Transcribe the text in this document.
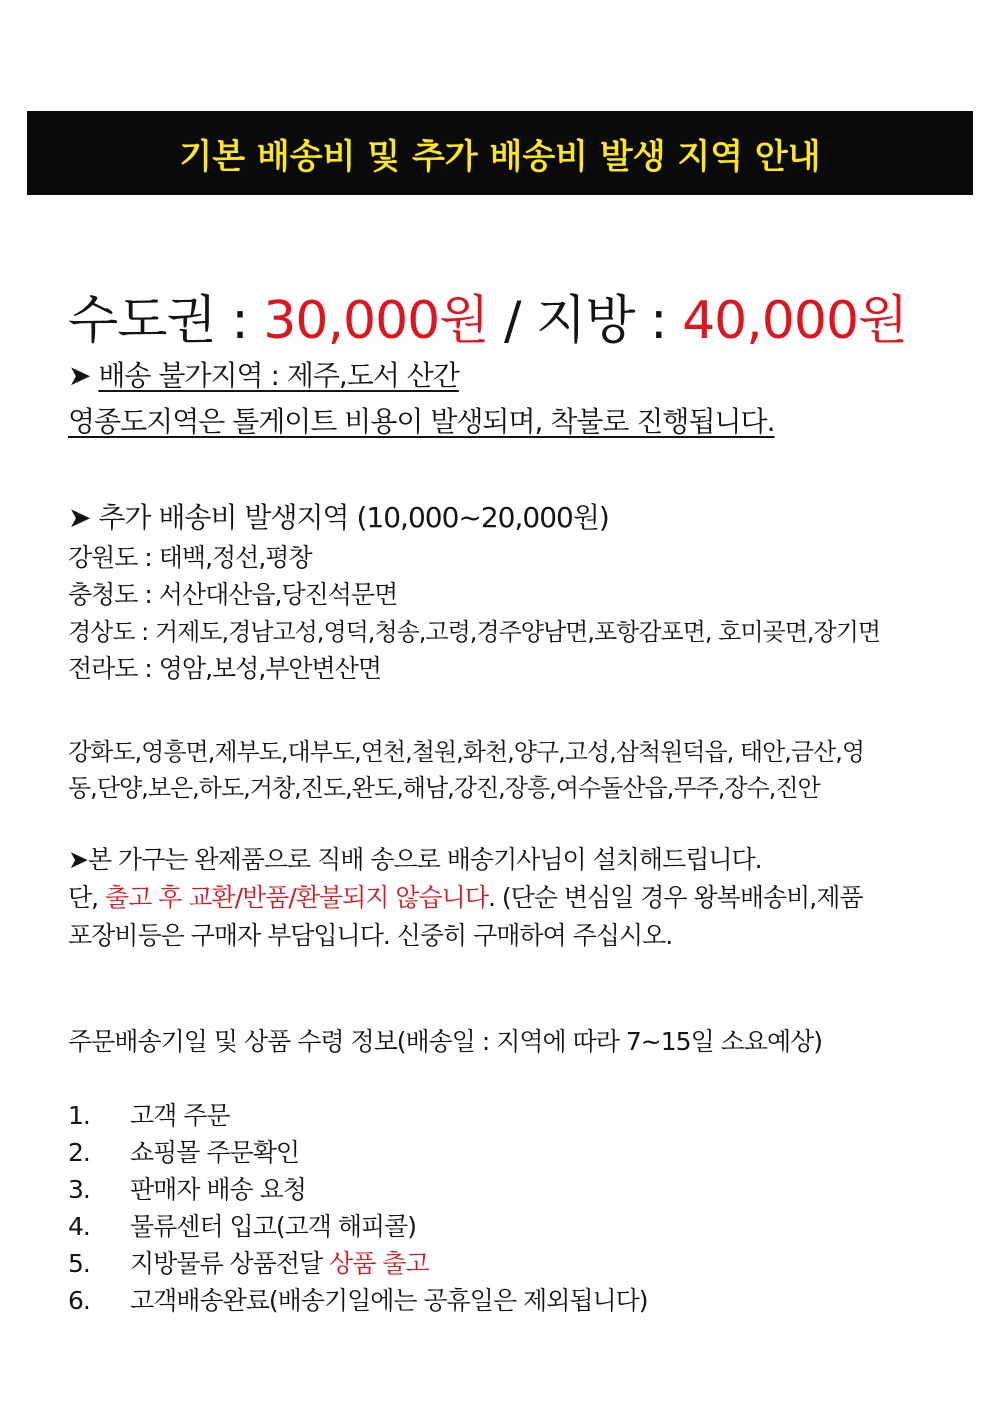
기본 배송비 및 추가 배송비 발생 지역 안내
수도권 : 30,000원 / 지방 : 40,000원
➤ 배송 불가지역 : 제주,도서 산간
영종도지역은 톨게이트 비용이 발생되며, 착불로 진행됩니다.
➤ 추가 배송비 발생지역 (10,000~20,000원)
강원도 : 태백,정선,평창
충청도 : 서산대산읍,당진석문면
경상도 : 거제도,경남고성,영덕,청송,고령,경주양남면,포항감포면, 호미곶면,장기면
전라도 : 영암,보성,부안변산면
강화도,영흥면,제부도,대부도,연천,철원,화천,양구,고성,삼척원덕읍, 태안,금산,영
동,단양,보은,하도,거창,진도,완도,해남,강진,장흥,여수돌산읍,무주,장수,진안
➤본 가구는 완제품으로 직배 송으로 배송기사님이 설치해드립니다.
단, 출고 후 교환/반품/환불되지 않습니다. (단순 변심일 경우 왕복배송비,제품
포장비등은 구매자 부담입니다. 신중히 구매하여 주십시오.
주문배송기일 및 상품 수령 정보(배송일 : 지역에 따라 7~15일 소요예상)
1. 고객 주문
2. 쇼핑몰 주문확인
3. 판매자 배송 요청
4. 물류센터 입고(고객 해피콜)
5. 지방물류 상품전달 상품 출고
6. 고객배송완료(배송기일에는 공휴일은 제외됩니다)
